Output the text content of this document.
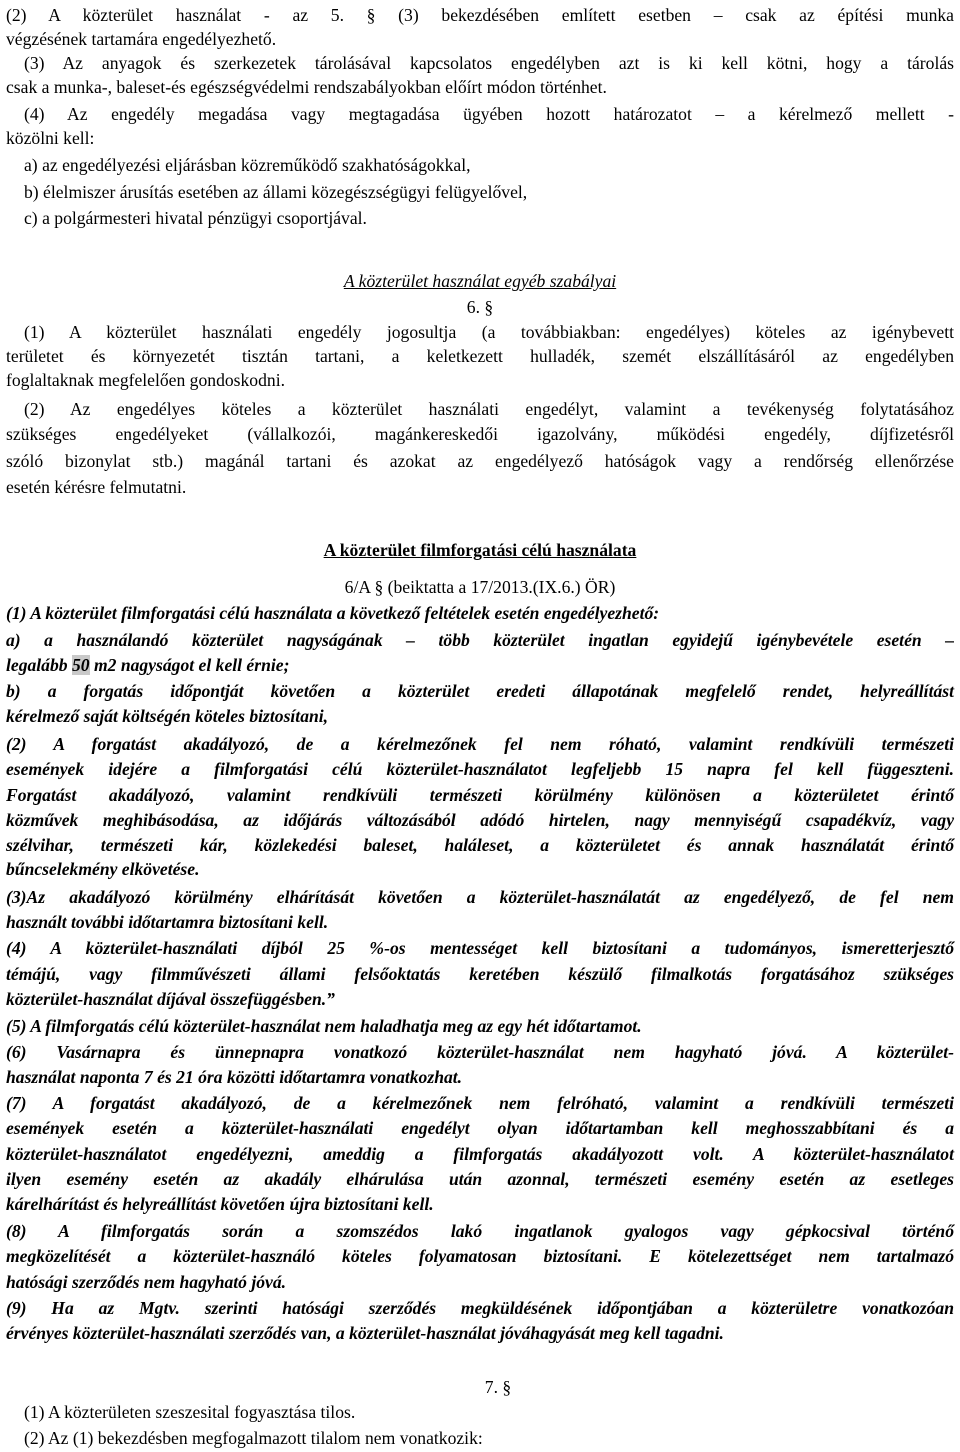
(2) A közterület használat - az 5. § (3) bekezdésében említett esetben – csak az építési munka
végzésének tartamára engedélyezhető.
(3) Az anyagok és szerkezetek tárolásával kapcsolatos engedélyben azt is ki kell kötni, hogy a tárolás
csak a munka-, baleset-és egészségvédelmi rendszabályokban előírt módon történhet.
(4) Az engedély megadása vagy megtagadása ügyében hozott határozatot – a kérelmező mellett -
közölni kell:
a) az engedélyezési eljárásban közreműködő szakhatóságokkal,
b) élelmiszer árusítás esetében az állami közegészségügyi felügyelővel,
c) a polgármesteri hivatal pénzügyi csoportjával.
A közterület használat egyéb szabályai
6. §
(1) A közterület használati engedély jogosultja (a továbbiakban: engedélyes) köteles az igénybevett
területet és környezetét tisztán tartani, a keletkezett hulladék, szemét elszállításáról az engedélyben
foglaltaknak megfelelően gondoskodni.
(2) Az engedélyes köteles a közterület használati engedélyt, valamint a tevékenység folytatásához
szükséges engedélyeket (vállalkozói, magánkereskedői igazolvány, működési engedély, díjfizetésről
szóló bizonylat stb.) magánál tartani és azokat az engedélyező hatóságok vagy a rendőrség ellenőrzése
esetén kérésre felmutatni.
A közterület filmforgatási célú használata
6/A § (beiktatta a 17/2013.(IX.6.) ÖR)
(1) A közterület filmforgatási célú használata a következő feltételek esetén engedélyezhető:
a) a használandó közterület nagyságának – több közterület ingatlan egyidejű igénybevétele esetén –
legalább 50 m2 nagyságot el kell érnie;
b) a forgatás időpontját követően a közterület eredeti állapotának megfelelő rendet, helyreállítást
kérelmező saját költségén köteles biztosítani,
(2) A forgatást akadályozó, de a kérelmezőnek fel nem róható, valamint rendkívüli természeti
események idejére a filmforgatási célú közterület-használatot legfeljebb 15 napra fel kell függeszteni.
Forgatást akadályozó, valamint rendkívüli természeti körülmény különösen a közterületet érintő
közművek meghibásodása, az időjárás változásából adódó hirtelen, nagy mennyiségű csapadékvíz, vagy
szélvihar, természeti kár, közlekedési baleset, haláleset, a közterületet és annak használatát érintő
bűncselekmény elkövetése.
(3)Az akadályozó körülmény elhárítását követően a közterület-használatát az engedélyező, de fel nem
használt további időtartamra biztosítani kell.
(4) A közterület-használati díjból 25 %-os mentességet kell biztosítani a tudományos, ismeretterjesztő
témájú, vagy filmművészeti állami felsőoktatás keretében készülő filmalkotás forgatásához szükséges
közterület-használat díjával összefüggésben.”
(5) A filmforgatás célú közterület-használat nem haladhatja meg az egy hét időtartamot.
(6) Vasárnapra és ünnepnapra vonatkozó közterület-használat nem hagyható jóvá. A közterület-
használat naponta 7 és 21 óra közötti időtartamra vonatkozhat.
(7) A forgatást akadályozó, de a kérelmezőnek nem felróható, valamint a rendkívüli természeti
események esetén a közterület-használati engedélyt olyan időtartamban kell meghosszabbítani és a
közterület-használatot engedélyezni, ameddig a filmforgatás akadályozott volt. A közterület-használatot
ilyen esemény esetén az akadály elhárulása után azonnal, természeti esemény esetén az esetleges
kárelhárítást és helyreállítást követően újra biztosítani kell.
(8) A filmforgatás során a szomszédos lakó ingatlanok gyalogos vagy gépkocsival történő
megközelítését a közterület-használó köteles folyamatosan biztosítani. E kötelezettséget nem tartalmazó
hatósági szerződés nem hagyható jóvá.
(9) Ha az Mgtv. szerinti hatósági szerződés megküldésének időpontjában a közterületre vonatkozóan
érvényes közterület-használati szerződés van, a közterület-használat jóváhagyását meg kell tagadni.
7. §
(1) A közterületen szeszesital fogyasztása tilos.
(2) Az (1) bekezdésben megfogalmazott tilalom nem vonatkozik:
